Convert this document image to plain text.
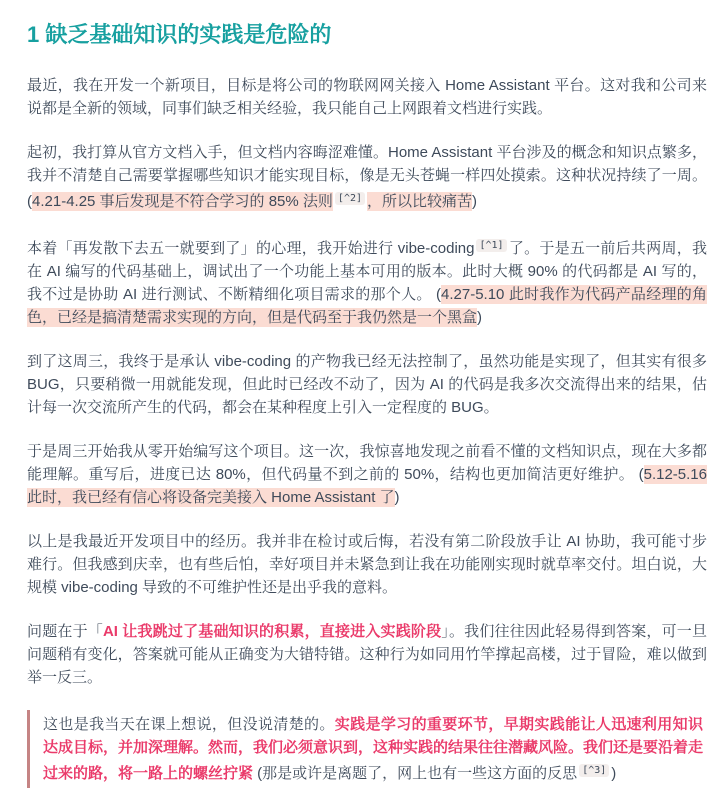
1 缺乏基础知识的实践是危险的

最近，我在开发一个新项目，目标是将公司的物联网网关接入 Home Assistant 平台。这对我和公司来说都是全新的领域，同事们缺乏相关经验，我只能自己上网跟着文档进行实践。

起初，我打算从官方文档入手，但文档内容晦涩难懂。Home Assistant 平台涉及的概念和知识点繁多，我并不清楚自己需要掌握哪些知识才能实现目标，像是无头苍蝇一样四处摸索。这种状况持续了一周。 (4.21-4.25 事后发现是不符合学习的 85% 法则 [^2] ，所以比较痛苦)

本着「再发散下去五一就要到了」的心理，我开始进行 vibe-coding [^1] 了。于是五一前后共两周，我在 AI 编写的代码基础上，调试出了一个功能上基本可用的版本。此时大概 90% 的代码都是 AI 写的，我不过是协助 AI 进行测试、不断精细化项目需求的那个人。 (4.27-5.10 此时我作为代码产品经理的角色，已经是搞清楚需求实现的方向，但是代码至于我仍然是一个黑盒)

到了这周三，我终于是承认 vibe-coding 的产物我已经无法控制了，虽然功能是实现了，但其实有很多 BUG，只要稍微一用就能发现，但此时已经改不动了，因为 AI 的代码是我多次交流得出来的结果，估计每一次交流所产生的代码，都会在某种程度上引入一定程度的 BUG。

于是周三开始我从零开始编写这个项目。这一次，我惊喜地发现之前看不懂的文档知识点，现在大多都能理解。重写后，进度已达 80%，但代码量不到之前的 50%，结构也更加简洁更好维护。 (5.12-5.16 此时，我已经有信心将设备完美接入 Home Assistant 了)

以上是我最近开发项目中的经历。我并非在检讨或后悔，若没有第二阶段放手让 AI 协助，我可能寸步难行。但我感到庆幸，也有些后怕，幸好项目并未紧急到让我在功能刚实现时就草率交付。坦白说，大规模 vibe-coding 导致的不可维护性还是出乎我的意料。

问题在于「AI 让我跳过了基础知识的积累，直接进入实践阶段」。我们往往因此轻易得到答案，可一旦问题稍有变化，答案就可能从正确变为大错特错。这种行为如同用竹竿撑起高楼，过于冒险，难以做到举一反三。

这也是我当天在课上想说，但没说清楚的。实践是学习的重要环节，早期实践能让人迅速利用知识达成目标，并加深理解。然而，我们必须意识到，这种实践的结果往往潜藏风险。我们还是要沿着走过来的路，将一路上的螺丝拧紧 (那是或许是离题了，网上也有一些这方面的反思 [^3] )
